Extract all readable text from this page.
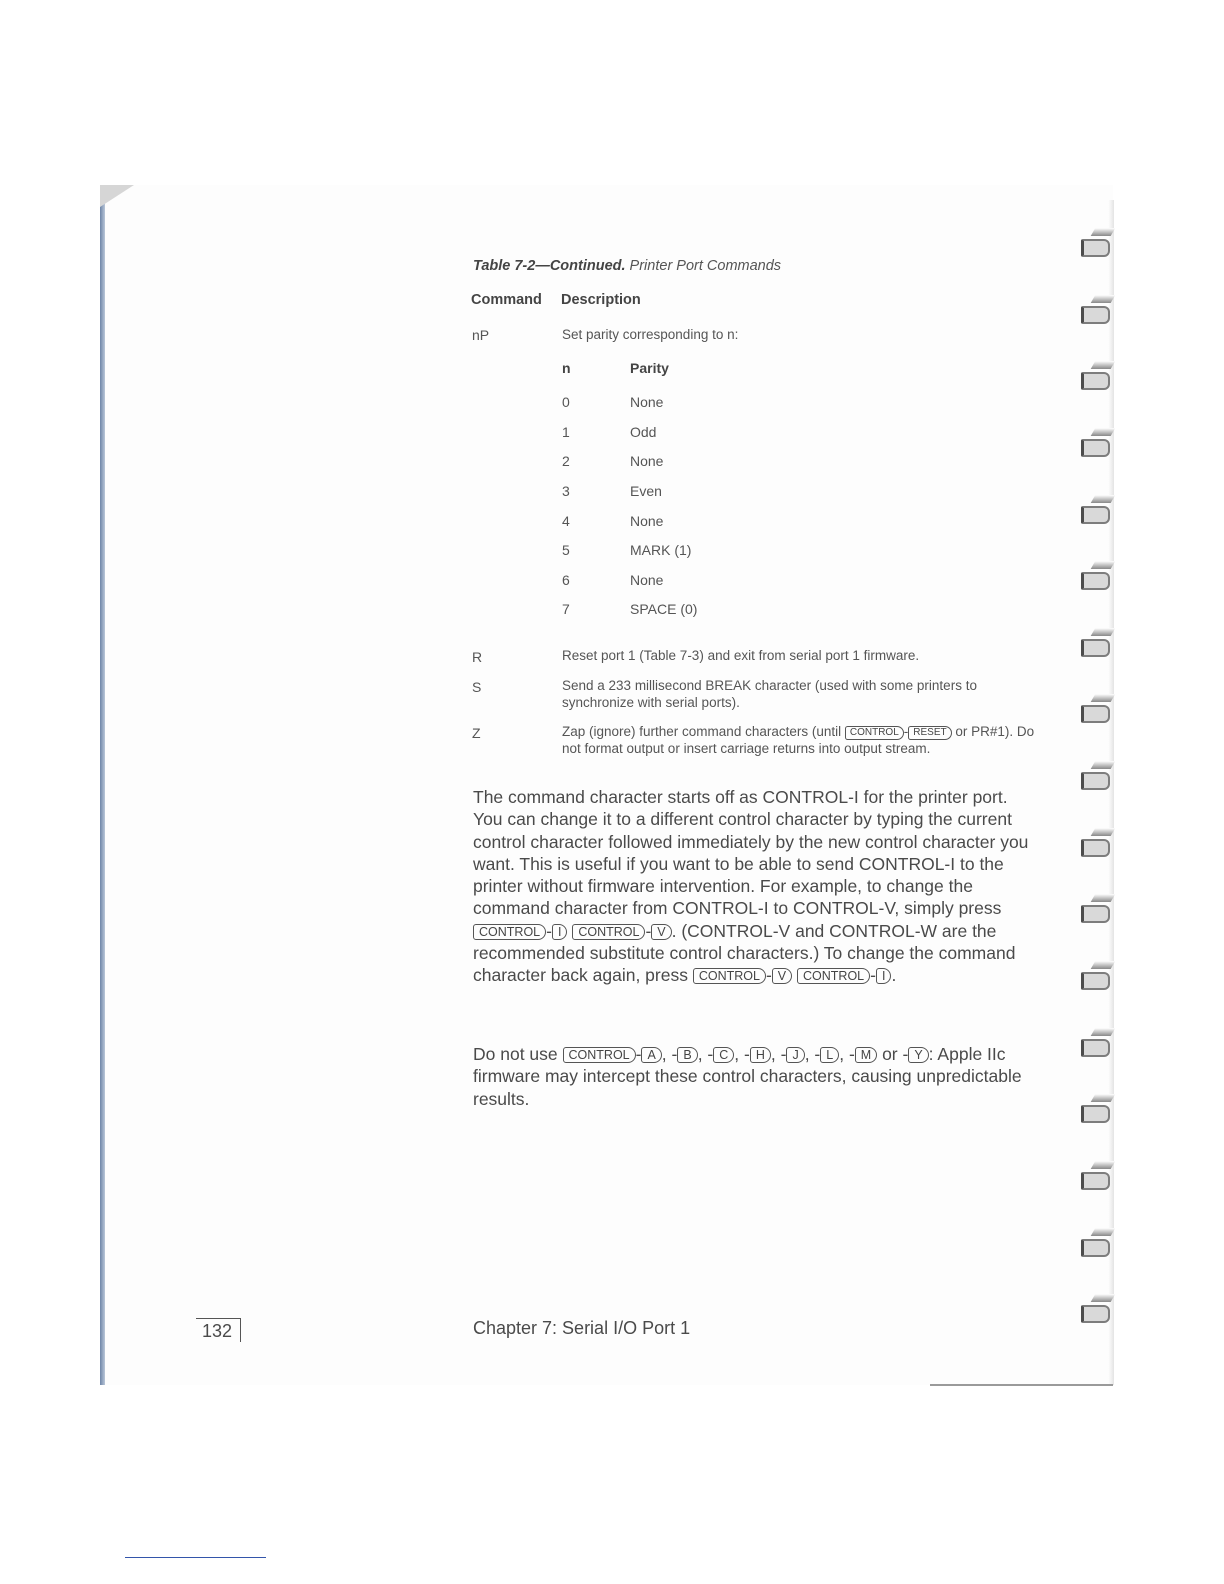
Table 7-2—Continued. Printer Port Commands
Command Description
nP	Set parity corresponding to n:
n	Parity
0	None
1	Odd
2	None
3	Even
4	None
5	MARK (1)
6	None
7	SPACE (0)
R	Reset port 1 (Table 7-3) and exit from serial port 1 firmware.
S	Send a 233 millisecond BREAK character (used with some printers to synchronize with serial ports).
Z	Zap (ignore) further command characters (until CONTROL - RESET or PR#1). Do not format output or insert carriage returns into output stream.
The command character starts off as CONTROL-I for the printer port. You can change it to a different control character by typing the current control character followed immediately by the new control character you want. This is useful if you want to be able to send CONTROL-I to the printer without firmware intervention. For example, to change the command character from CONTROL-I to CONTROL-V, simply press CONTROL - I CONTROL - V . (CONTROL-V and CONTROL-W are the recommended substitute control characters.) To change the command character back again, press CONTROL - V CONTROL - I .
Do not use CONTROL - A , - B , - C , - H , - J , - L , - M or - Y : Apple IIc firmware may intercept these control characters, causing unpredictable results.
132	Chapter 7: Serial I/O Port 1
